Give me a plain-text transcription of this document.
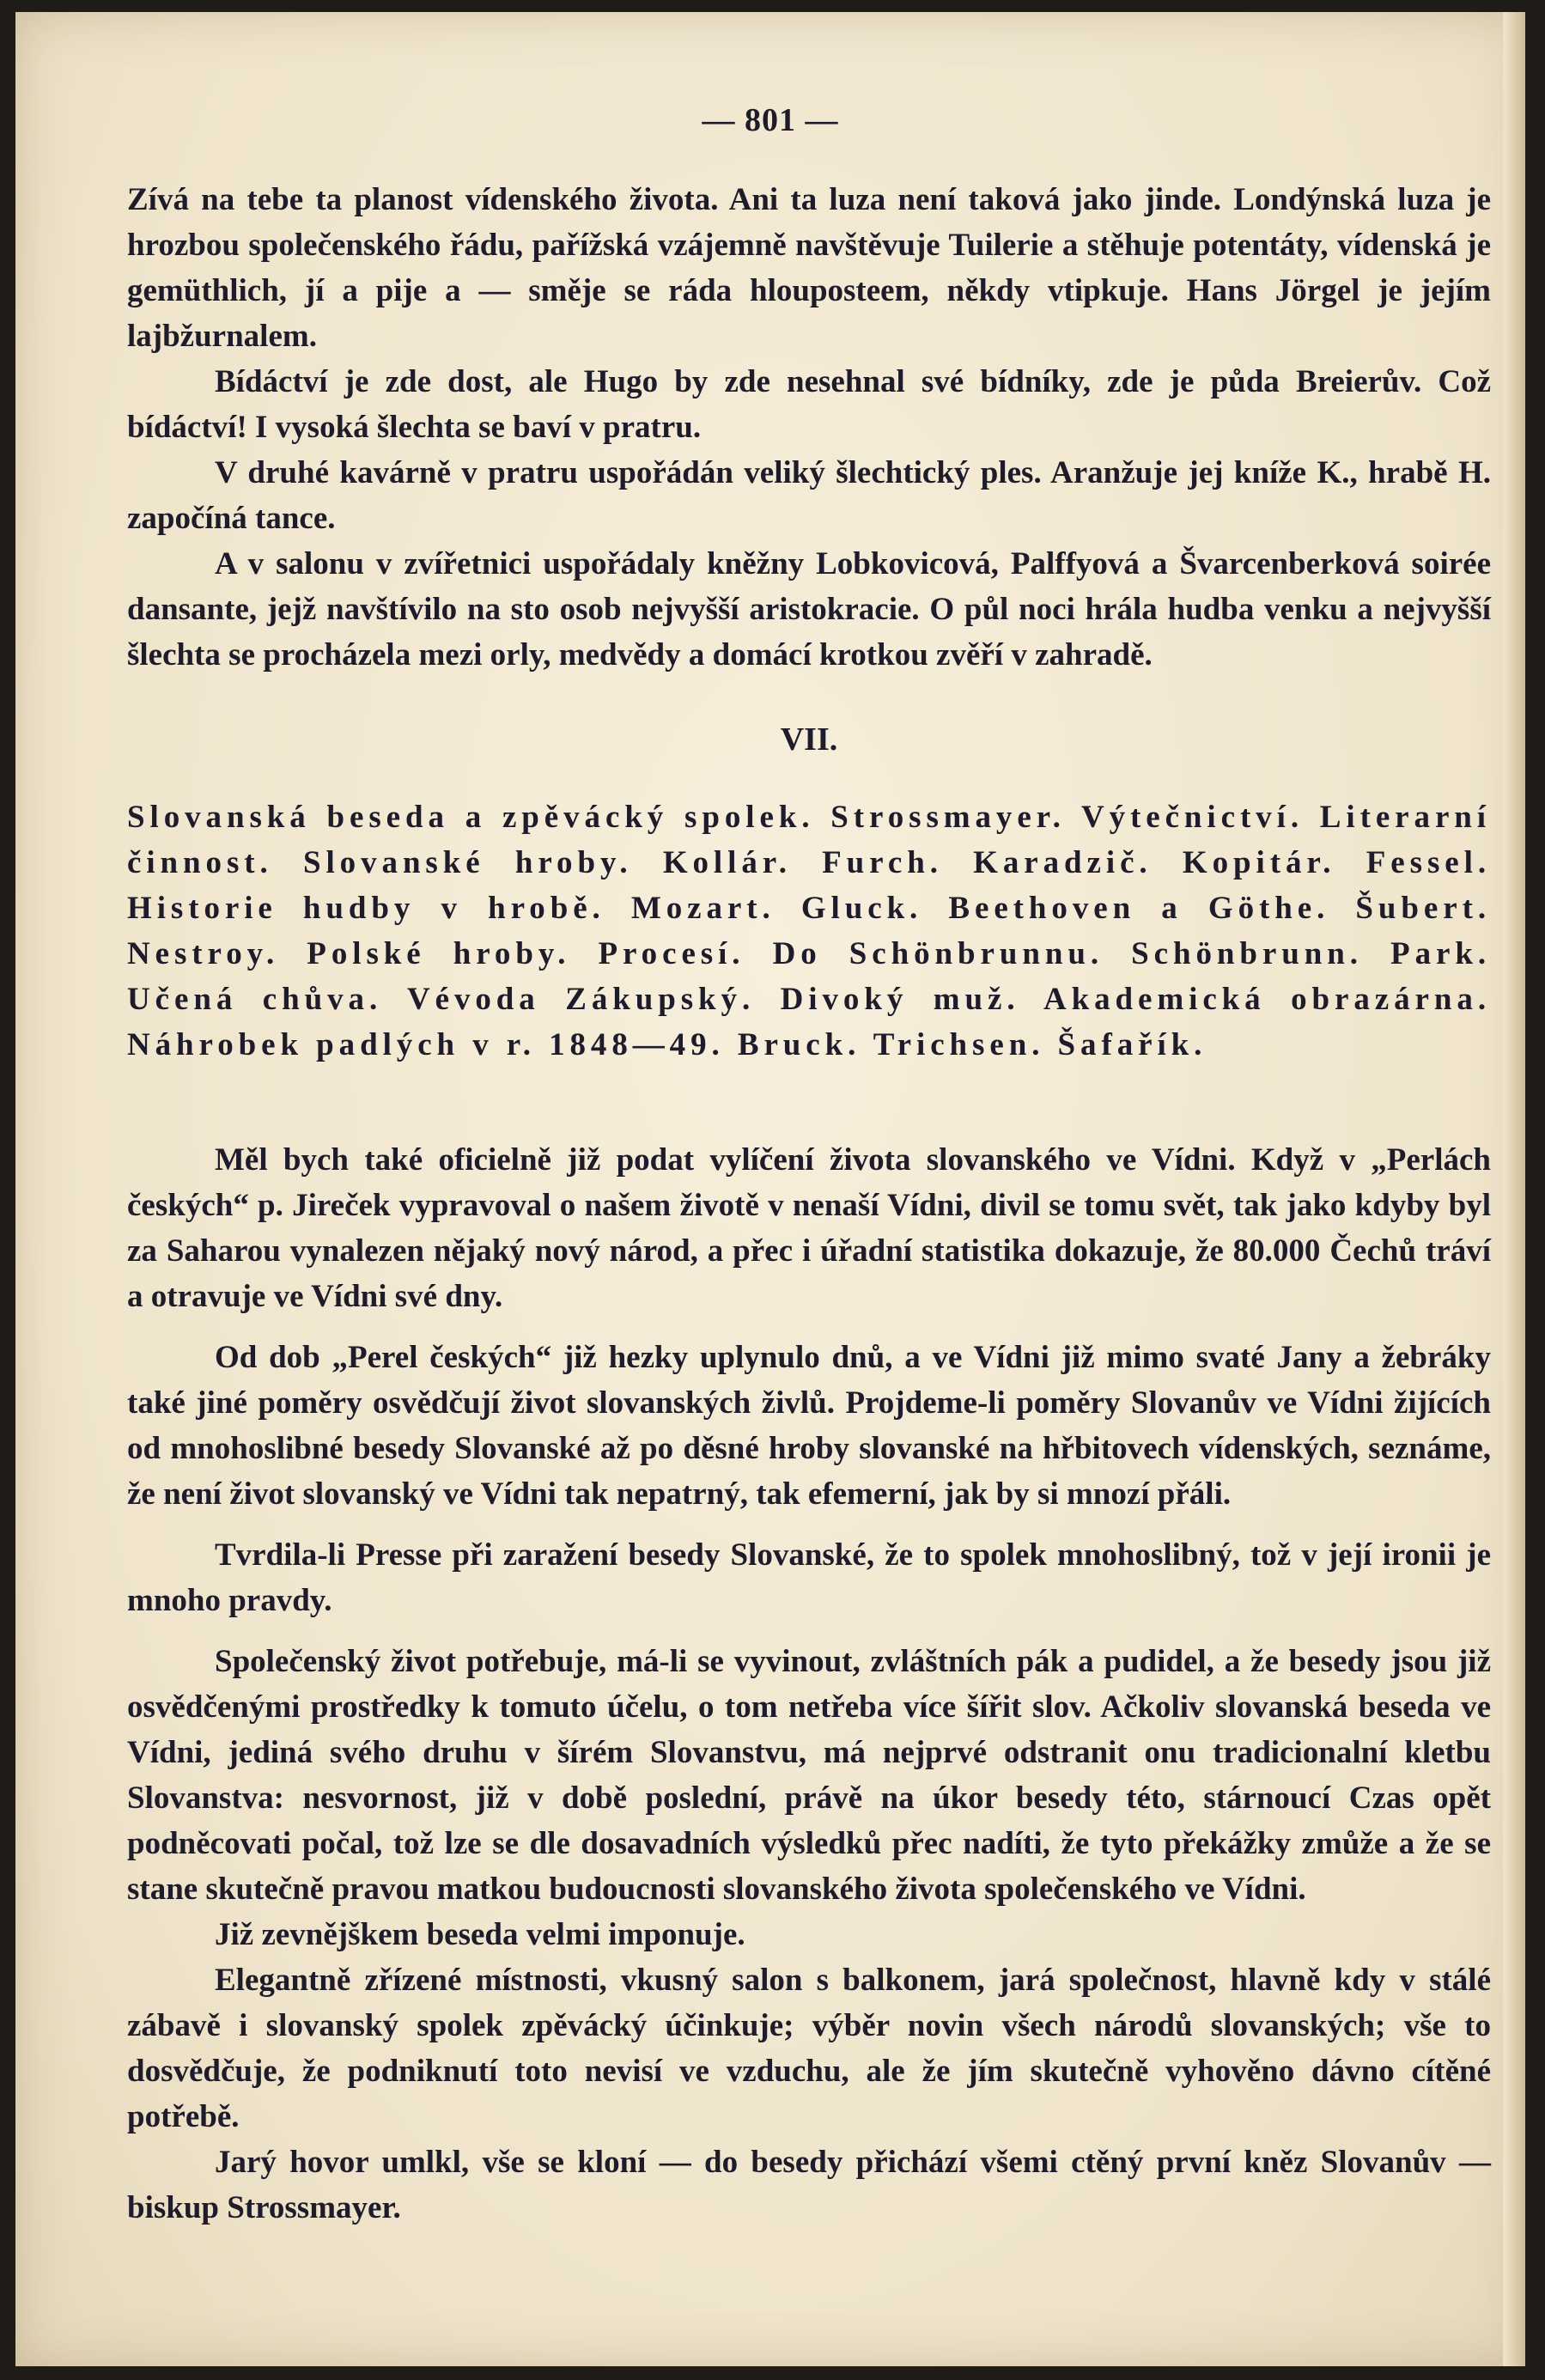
— 801 —

Zívá na tebe ta planost vídenského života. Ani ta luza není taková jako jinde. Londýnská luza je hrozbou společenského řádu, pařížská vzájemně navštěvuje Tuilerie a stěhuje potentáty, vídenská je gemüthlich, jí a pije a — směje se ráda hlouposteem, někdy vtipkuje. Hans Jörgel je jejím lajbžurnalem.

Bídáctví je zde dost, ale Hugo by zde nesehnal své bídníky, zde je půda Breierův. Což bídáctví! I vysoká šlechta se baví v pratru.

V druhé kavárně v pratru uspořádán veliký šlechtický ples. Aranžuje jej kníže K., hrabě H. započíná tance.

A v salonu v zvířetnici uspořádaly kněžny Lobkovicová, Palffyová a Švarcenberková soirée dansante, jejž navštívilo na sto osob nejvyšší aristokracie. O půl noci hrála hudba venku a nejvyšší šlechta se procházela mezi orly, medvědy a domácí krotkou zvěří v zahradě.

VII.

Slovanská beseda a zpěvácký spolek. Strossmayer. Výtečnictví. Literarní činnost. Slovanské hroby. Kollár. Furch. Karadzič. Kopitár. Fessel. Historie hudby v hrobě. Mozart. Gluck. Beethoven a Göthe. Šubert. Nestroy. Polské hroby. Procesí. Do Schönbrunnu. Schönbrunn. Park. Učená chůva. Vévoda Zákupský. Divoký muž. Akademická obrazárna. Náhrobek padlých v r. 1848—49. Bruck. Trichsen. Šafařík.

Měl bych také oficielně již podat vylíčení života slovanského ve Vídni. Když v „Perlách českých“ p. Jireček vypravoval o našem životě v nenaší Vídni, divil se tomu svět, tak jako kdyby byl za Saharou vynalezen nějaký nový národ, a přec i úřadní statistika dokazuje, že 80.000 Čechů tráví a otravuje ve Vídni své dny.

Od dob „Perel českých“ již hezky uplynulo dnů, a ve Vídni již mimo svaté Jany a žebráky také jiné poměry osvědčují život slovanských živlů. Projdeme-li poměry Slovanův ve Vídni žijících od mnohoslibné besedy Slovanské až po děsné hroby slovanské na hřbitovech vídenských, seznáme, že není život slovanský ve Vídni tak nepatrný, tak efemerní, jak by si mnozí přáli.

Tvrdila-li Presse při zaražení besedy Slovanské, že to spolek mnohoslibný, tož v její ironii je mnoho pravdy.

Společenský život potřebuje, má-li se vyvinout, zvláštních pák a pudidel, a že besedy jsou již osvědčenými prostředky k tomuto účelu, o tom netřeba více šířit slov. Ačkoliv slovanská beseda ve Vídni, jediná svého druhu v šírém Slovanstvu, má nejprvé odstranit onu tradicionalní kletbu Slovanstva: nesvornost, již v době poslední, právě na úkor besedy této, stárnoucí Czas opět podněcovati počal, tož lze se dle dosavadních výsledků přec nadíti, že tyto překážky zmůže a že se stane skutečně pravou matkou budoucnosti slovanského života společenského ve Vídni.

Již zevnějškem beseda velmi imponuje.

Elegantně zřízené místnosti, vkusný salon s balkonem, jará společnost, hlavně kdy v stálé zábavě i slovanský spolek zpěvácký účinkuje; výběr novin všech národů slovanských; vše to dosvědčuje, že podniknutí toto nevisí ve vzduchu, ale že jím skutečně vyhověno dávno cítěné potřebě.

Jarý hovor umlkl, vše se kloní — do besedy přichází všemi ctěný první kněz Slovanův — biskup Strossmayer.
